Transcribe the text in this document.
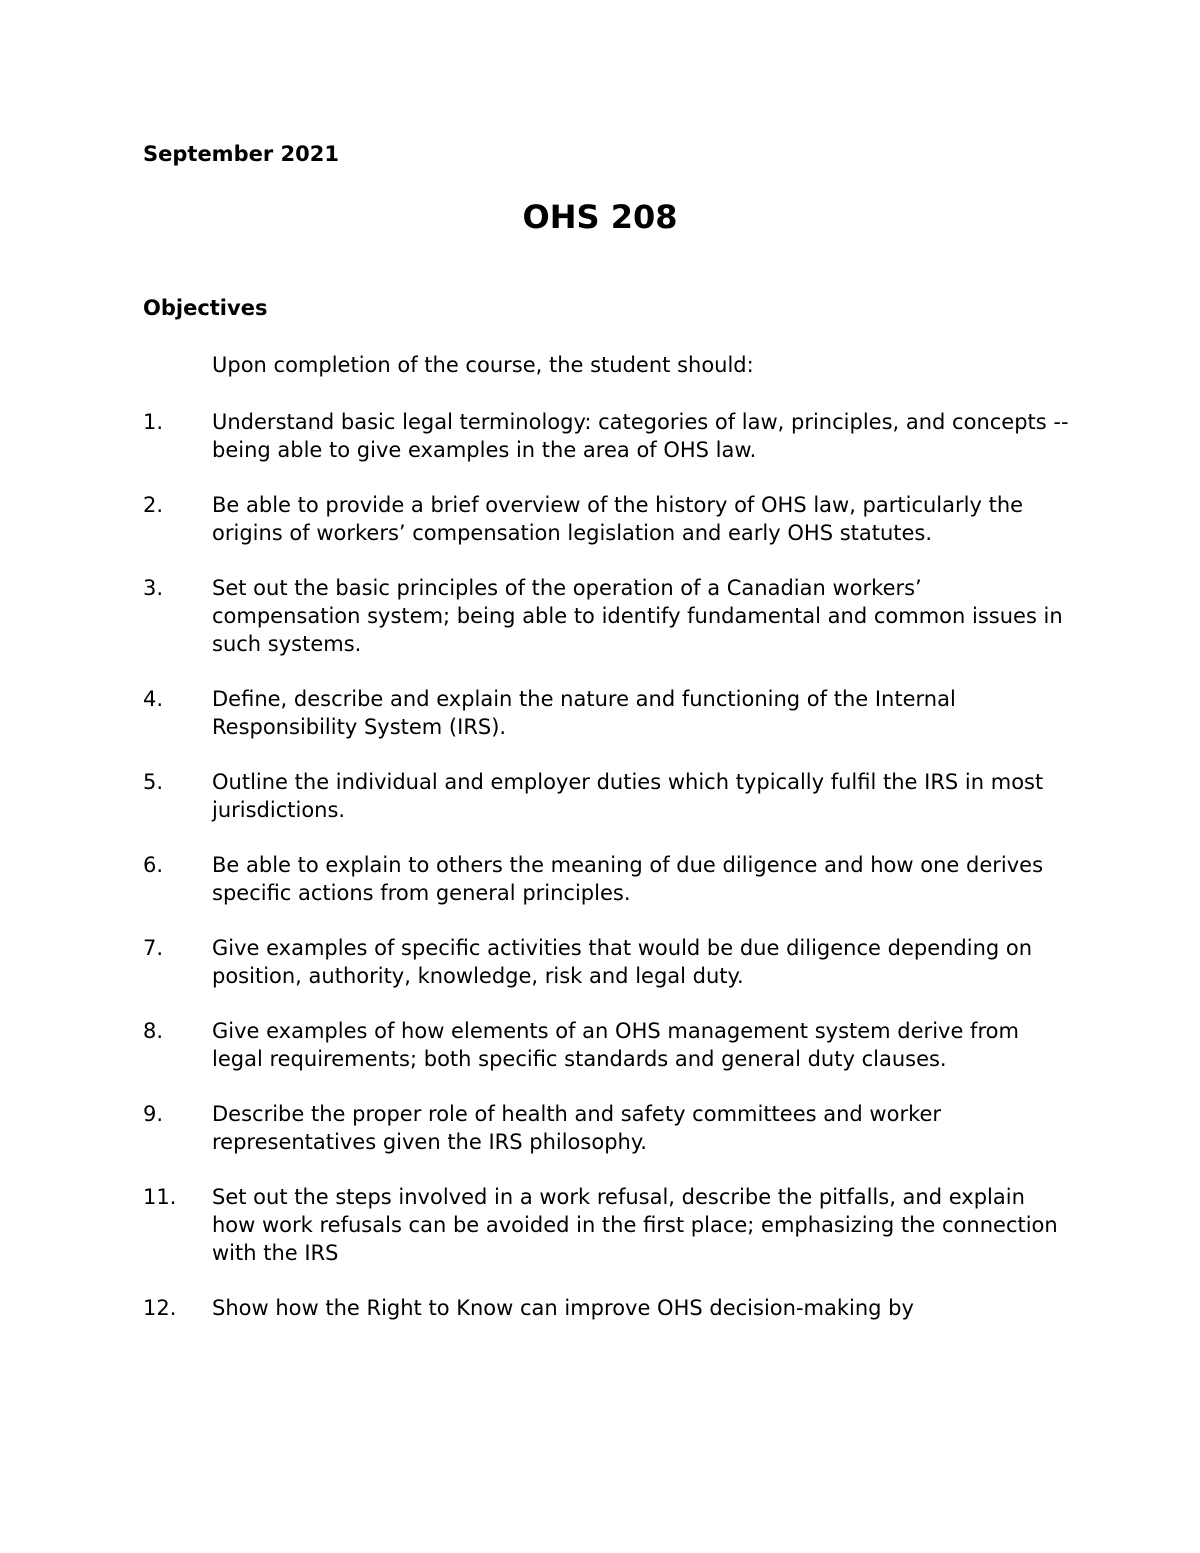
September 2021
OHS 208
Objectives
Upon completion of the course, the student should:
1. Understand basic legal terminology: categories of law, principles, and concepts -- being able to give examples in the area of OHS law.
2. Be able to provide a brief overview of the history of OHS law, particularly the origins of workers’ compensation legislation and early OHS statutes.
3. Set out the basic principles of the operation of a Canadian workers’ compensation system; being able to identify fundamental and common issues in such systems.
4. Define, describe and explain the nature and functioning of the Internal Responsibility System (IRS).
5. Outline the individual and employer duties which typically fulfil the IRS in most jurisdictions.
6. Be able to explain to others the meaning of due diligence and how one derives specific actions from general principles.
7. Give examples of specific activities that would be due diligence depending on position, authority, knowledge, risk and legal duty.
8. Give examples of how elements of an OHS management system derive from legal requirements; both specific standards and general duty clauses.
9. Describe the proper role of health and safety committees and worker representatives given the IRS philosophy.
11. Set out the steps involved in a work refusal, describe the pitfalls, and explain how work refusals can be avoided in the first place; emphasizing the connection with the IRS
12. Show how the Right to Know can improve OHS decision-making by
